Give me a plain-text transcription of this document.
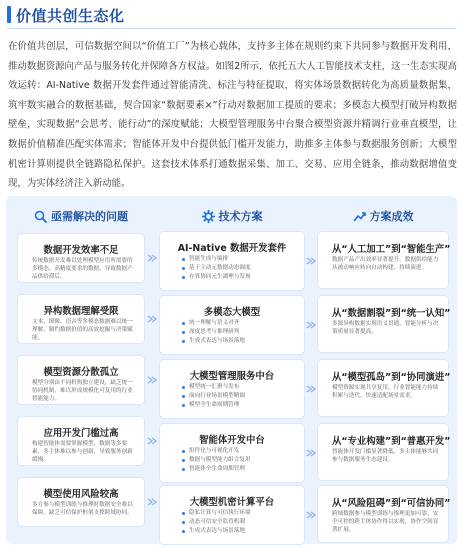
价值共创生态化
在价值共创层，可信数据空间以“价值工厂”为核心载体，支持多主体在规则约束下共同参与数据开发利用，推动数据资源向产品与服务转化并保障各方权益。如图2所示，依托五大人工智能技术支柱，这一生态实现高效运转：AI-Native 数据开发套件通过智能清洗、标注与特征提取，将实体场景数据转化为高质量数据集，筑牢数实融合的数据基础，契合国家“数据要素×”行动对数据加工提质的要求；多模态大模型打破异构数据壁垒，实现数据“会思考、能行动”的深度赋能；大模型管理服务中台聚合模型资源并精调行业垂直模型，让数据价值精准匹配实体需求；智能体开发中台提供低门槛开发能力，助推多主体参与数据服务创新；大模型机密计算则提供全链路隐私保护。这套技术体系打通数据采集、加工、交易、应用全链条，推动数据增值变现，为实体经济注入新动能。
亟需解决的问题	技术方案	方案成效
数据开发效率不足
传统数据开发难以处理模型应用所需要的多模态、高精度要求的数据，导致数据产品供给滞后。
异构数据理解受限
文本、图像、语音等多模态数据难以统一理解，制约数据价值的高效挖掘与决策赋能。
模型资源分散孤立
模型分别由不同机构独立建设，缺乏统一协同机制，难以形成规模化可复用的行业智能能力。
应用开发门槛过高
构建智能体需要掌握模型、数据等多要素，多主体难以参与创新，导致服务创新缓慢。
模型使用风险较高
多方参与模型训练与推理时数据安全难以保障，缺乏可信保护框架支撑跨域协同。
AI-Native 数据开发套件
智能生成与编排
基于主动元数据动态调度
存算协同元生湖理与发现
多模态大模型
统一理解与语义对齐
深度思考与推理研判
生成式表达与场景落地
大模型管理服务中台
模型统一汇聚与发布
面向行业场景模型精调
模型全生命周期管理
智能体开发中台
组件化与可视化开发
数据与模型能力组合复用
智能体全生命周期管理
大模型机密计算平台
隐私计算与可信执行环境
动态可信安全监管机制
生成式表达与场景落地
从“人工加工”到“智能生产”
数据产品产出效率显著提升，数据供给能力从被动响应转向自动构建、持续演进。
从“数据割裂”到“统一认知”
多源异构数据实现语义贯通，智能分析与决策质量显著提高。
从“模型孤岛”到“协同演进”
模型资源实现共享复用，行业智能能力持续积累与迭代，快速适配场景需求。
从“专业构建”到“普惠开发”
智能体开发门槛显著降低，多主体能够共同参与数据服务生态建设。
从“风险阻碍”到“可信协同”
跨域数据参与模型训练与推理更加可靠，安全可控的跨主体协作得以实现，协作空间显著扩展。
